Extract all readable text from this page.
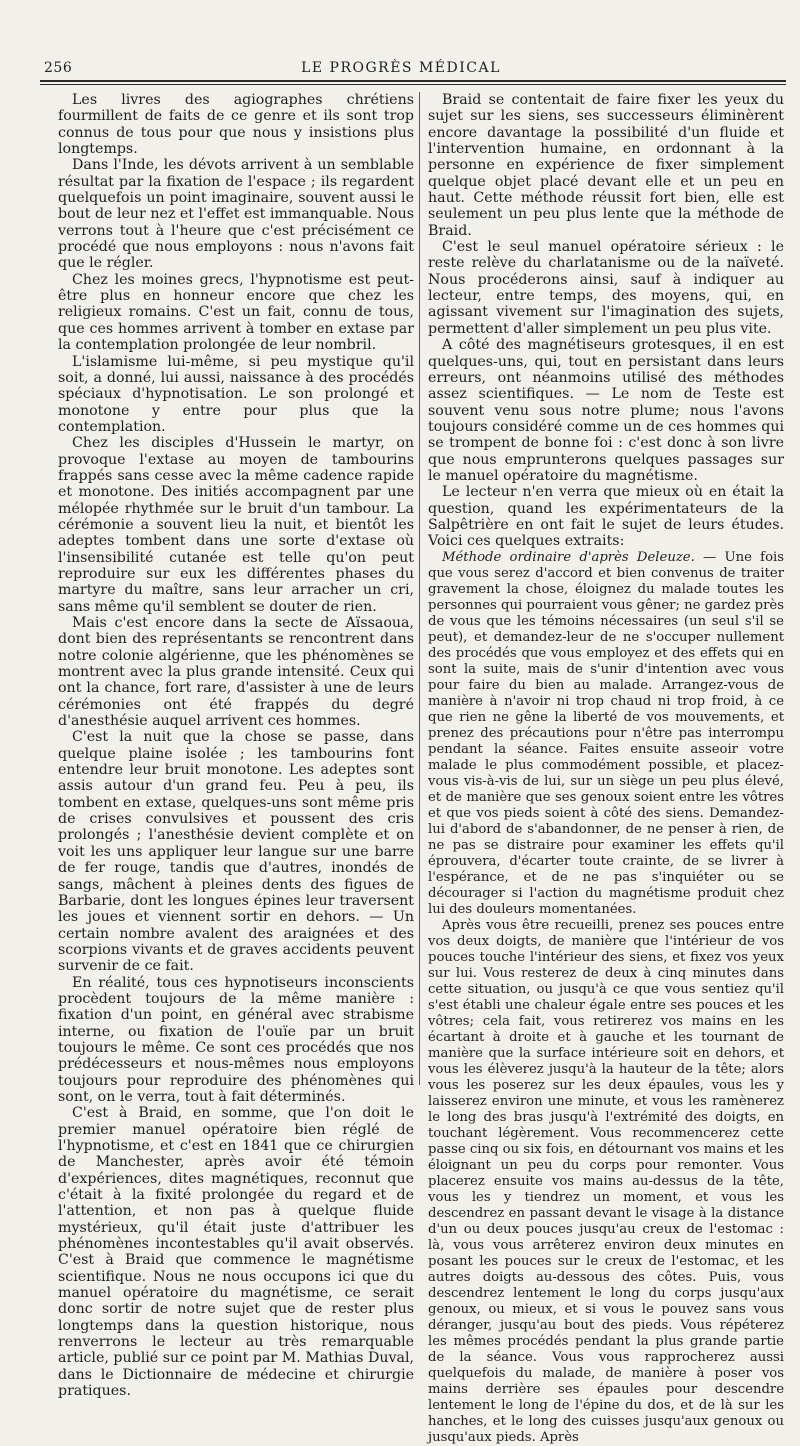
256	LE PROGRÈS MÉDICAL

Les livres des agiographes chrétiens fourmillent de faits de ce genre et ils sont trop connus de tous pour que nous y insistions plus longtemps.

Dans l'Inde, les dévots arrivent à un semblable résultat par la fixation de l'espace ; ils regardent quelquefois un point imaginaire, souvent aussi le bout de leur nez et l'effet est immanquable. Nous verrons tout à l'heure que c'est précisément ce procédé que nous employons : nous n'avons fait que le régler.

Chez les moines grecs, l'hypnotisme est peut-être plus en honneur encore que chez les religieux romains. C'est un fait, connu de tous, que ces hommes arrivent à tomber en extase par la contemplation prolongée de leur nombril.

L'islamisme lui-même, si peu mystique qu'il soit, a donné, lui aussi, naissance à des procédés spéciaux d'hypnotisation. Le son prolongé et monotone y entre pour plus que la contemplation.

Chez les disciples d'Hussein le martyr, on provoque l'extase au moyen de tambourins frappés sans cesse avec la même cadence rapide et monotone. Des initiés accompagnent par une mélopée rhythmée sur le bruit d'un tambour. La cérémonie a souvent lieu la nuit, et bientôt les adeptes tombent dans une sorte d'extase où l'insensibilité cutanée est telle qu'on peut reproduire sur eux les différentes phases du martyre du maître, sans leur arracher un cri, sans même qu'il semblent se douter de rien.

Mais c'est encore dans la secte de Aïssaoua, dont bien des représentants se rencontrent dans notre colonie algérienne, que les phénomènes se montrent avec la plus grande intensité. Ceux qui ont la chance, fort rare, d'assister à une de leurs cérémonies ont été frappés du degré d'anesthésie auquel arrivent ces hommes.

C'est la nuit que la chose se passe, dans quelque plaine isolée ; les tambourins font entendre leur bruit monotone. Les adeptes sont assis autour d'un grand feu. Peu à peu, ils tombent en extase, quelques-uns sont même pris de crises convulsives et poussent des cris prolongés ; l'anesthésie devient complète et on voit les uns appliquer leur langue sur une barre de fer rouge, tandis que d'autres, inondés de sangs, mâchent à pleines dents des figues de Barbarie, dont les longues épines leur traversent les joues et viennent sortir en dehors. — Un certain nombre avalent des araignées et des scorpions vivants et de graves accidents peuvent survenir de ce fait.

En réalité, tous ces hypnotiseurs inconscients procèdent toujours de la même manière : fixation d'un point, en général avec strabisme interne, ou fixation de l'ouïe par un bruit toujours le même. Ce sont ces procédés que nos prédécesseurs et nous-mêmes nous employons toujours pour reproduire des phénomènes qui sont, on le verra, tout à fait déterminés.

C'est à Braid, en somme, que l'on doit le premier manuel opératoire bien réglé de l'hypnotisme, et c'est en 1841 que ce chirurgien de Manchester, après avoir été témoin d'expériences, dites magnétiques, reconnut que c'était à la fixité prolongée du regard et de l'attention, et non pas à quelque fluide mystérieux, qu'il était juste d'attribuer les phénomènes incontestables qu'il avait observés. C'est à Braid que commence le magnétisme scientifique. Nous ne nous occupons ici que du manuel opératoire du magnétisme, ce serait donc sortir de notre sujet que de rester plus longtemps dans la question historique, nous renverrons le lecteur au très remarquable article, publié sur ce point par M. Mathias Duval, dans le Dictionnaire de médecine et chirurgie pratiques.

Braid se contentait de faire fixer les yeux du sujet sur les siens, ses successeurs éliminèrent encore davantage la possibilité d'un fluide et l'intervention humaine, en ordonnant à la personne en expérience de fixer simplement quelque objet placé devant elle et un peu en haut. Cette méthode réussit fort bien, elle est seulement un peu plus lente que la méthode de Braid.

C'est le seul manuel opératoire sérieux : le reste relève du charlatanisme ou de la naïveté. Nous procéderons ainsi, sauf à indiquer au lecteur, entre temps, des moyens, qui, en agissant vivement sur l'imagination des sujets, permettent d'aller simplement un peu plus vite.

A côté des magnétiseurs grotesques, il en est quelques-uns, qui, tout en persistant dans leurs erreurs, ont néanmoins utilisé des méthodes assez scientifiques. — Le nom de Teste est souvent venu sous notre plume; nous l'avons toujours considéré comme un de ces hommes qui se trompent de bonne foi : c'est donc à son livre que nous emprunterons quelques passages sur le manuel opératoire du magnétisme.

Le lecteur n'en verra que mieux où en était la question, quand les expérimentateurs de la Salpêtrière en ont fait le sujet de leurs études. Voici ces quelques extraits:

Méthode ordinaire d'après Deleuze. — Une fois que vous serez d'accord et bien convenus de traiter gravement la chose, éloignez du malade toutes les personnes qui pourraient vous gêner; ne gardez près de vous que les témoins nécessaires (un seul s'il se peut), et demandez-leur de ne s'occuper nullement des procédés que vous employez et des effets qui en sont la suite, mais de s'unir d'intention avec vous pour faire du bien au malade. Arrangez-vous de manière à n'avoir ni trop chaud ni trop froid, à ce que rien ne gêne la liberté de vos mouvements, et prenez des précautions pour n'être pas interrompu pendant la séance. Faites ensuite asseoir votre malade le plus commodément possible, et placez-vous vis-à-vis de lui, sur un siège un peu plus élevé, et de manière que ses genoux soient entre les vôtres et que vos pieds soient à côté des siens. Demandez-lui d'abord de s'abandonner, de ne penser à rien, de ne pas se distraire pour examiner les effets qu'il éprouvera, d'écarter toute crainte, de se livrer à l'espérance, et de ne pas s'inquiéter ou se décourager si l'action du magnétisme produit chez lui des douleurs momentanées.

Après vous être recueilli, prenez ses pouces entre vos deux doigts, de manière que l'intérieur de vos pouces touche l'intérieur des siens, et fixez vos yeux sur lui. Vous resterez de deux à cinq minutes dans cette situation, ou jusqu'à ce que vous sentiez qu'il s'est établi une chaleur égale entre ses pouces et les vôtres; cela fait, vous retirerez vos mains en les écartant à droite et à gauche et les tournant de manière que la surface intérieure soit en dehors, et vous les élèverez jusqu'à la hauteur de la tête; alors vous les poserez sur les deux épaules, vous les y laisserez environ une minute, et vous les ramènerez le long des bras jusqu'à l'extrémité des doigts, en touchant légèrement. Vous recommencerez cette passe cinq ou six fois, en détournant vos mains et les éloignant un peu du corps pour remonter. Vous placerez ensuite vos mains au-dessus de la tête, vous les y tiendrez un moment, et vous les descendrez en passant devant le visage à la distance d'un ou deux pouces jusqu'au creux de l'estomac : là, vous vous arrêterez environ deux minutes en posant les pouces sur le creux de l'estomac, et les autres doigts au-dessous des côtes. Puis, vous descendrez lentement le long du corps jusqu'aux genoux, ou mieux, et si vous le pouvez sans vous déranger, jusqu'au bout des pieds. Vous répéterez les mêmes procédés pendant la plus grande partie de la séance. Vous vous rapprocherez aussi quelquefois du malade, de manière à poser vos mains derrière ses épaules pour descendre lentement le long de l'épine du dos, et de là sur les hanches, et le long des cuisses jusqu'aux genoux ou jusqu'aux pieds. Après
